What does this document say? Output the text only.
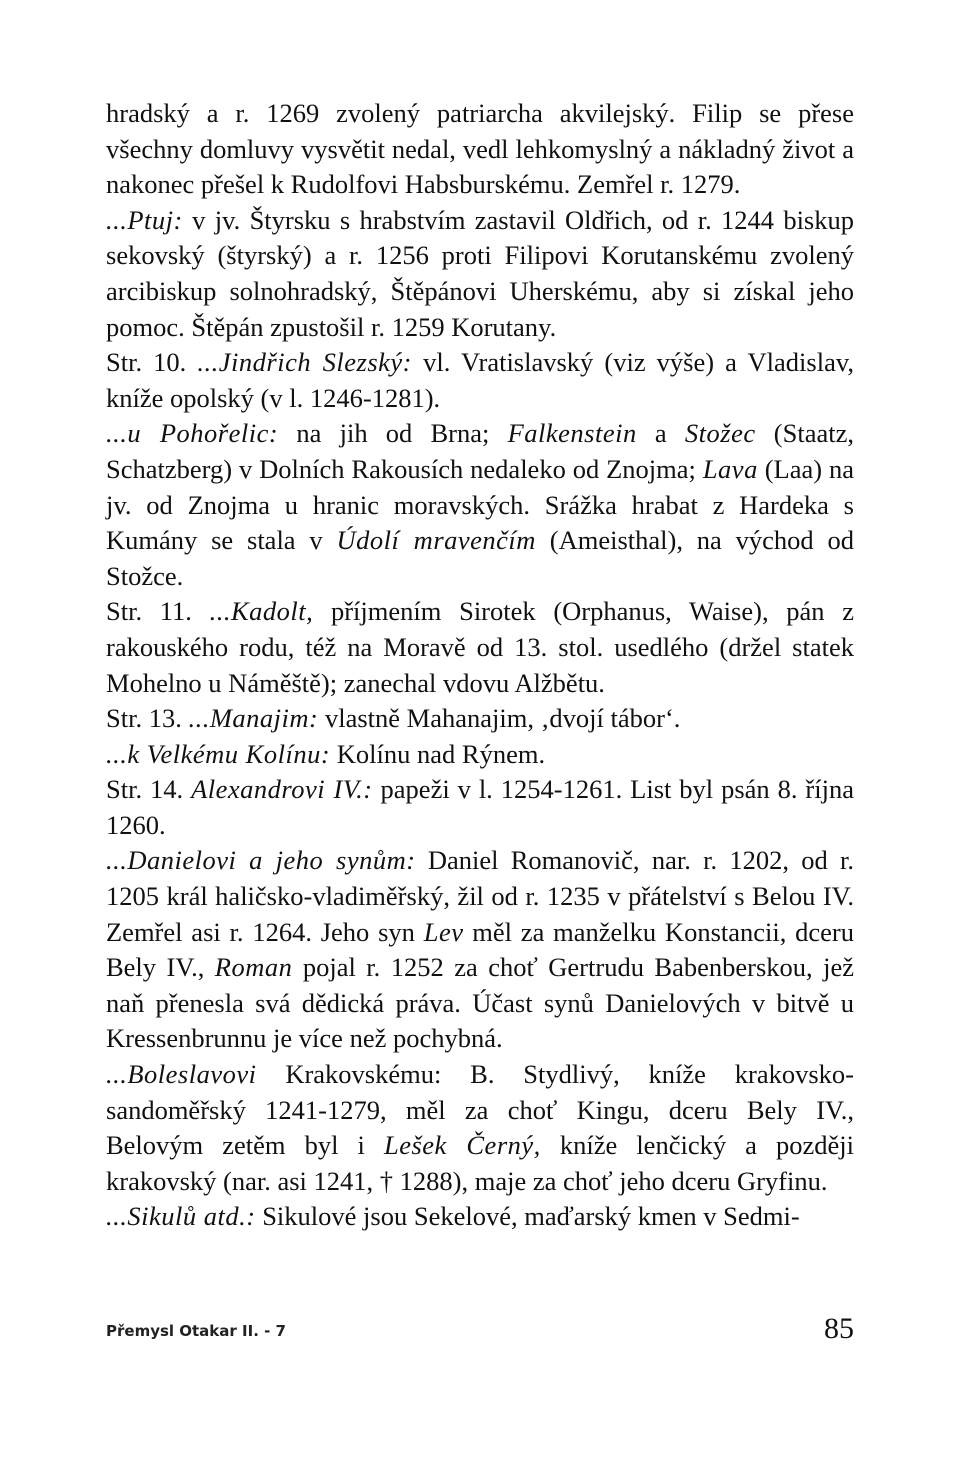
hradský a r. 1269 zvolený patriarcha akvilejský. Filip se přese všechny domluvy vysvětit nedal, vedl lehkomyslný a nákladný život a nakonec přešel k Rudolfovi Habsburskému. Zemřel r. 1279.

...Ptuj: v jv. Štyrsku s hrabstvím zastavil Oldřich, od r. 1244 biskup sekovský (štyrský) a r. 1256 proti Filipovi Korutanskému zvolený arcibiskup solnohradský, Štěpánovi Uherskému, aby si získal jeho pomoc. Štěpán zpustošil r. 1259 Korutany.

Str. 10. ...Jindřich Slezský: vl. Vratislavský (viz výše) a Vladislav, kníže opolský (v l. 1246-1281).

...u Pohořelic: na jih od Brna; Falkenstein a Stožec (Staatz, Schatzberg) v Dolních Rakousích nedaleko od Znojma; Lava (Laa) na jv. od Znojma u hranic moravských. Srážka hrabat z Hardeka s Kumány se stala v Údolí mravenčím (Ameisthal), na východ od Stožce.

Str. 11. ...Kadolt, příjmením Sirotek (Orphanus, Waise), pán z rakouského rodu, též na Moravě od 13. stol. usedlého (držel statek Mohelno u Náměště); zanechal vdovu Alžbětu.

Str. 13. ...Manajim: vlastně Mahanajim, ‚dvojí tábor‘.

...k Velkému Kolínu: Kolínu nad Rýnem.

Str. 14. Alexandrovi IV.: papeži v l. 1254-1261. List byl psán 8. října 1260.

...Danielovi a jeho synům: Daniel Romanovič, nar. r. 1202, od r. 1205 král haličsko-vladiměřský, žil od r. 1235 v přátelství s Belou IV. Zemřel asi r. 1264. Jeho syn Lev měl za manželku Konstancii, dceru Bely IV., Roman pojal r. 1252 za choť Gertrudu Babenberskou, jež naň přenesla svá dědická práva. Účast synů Danielových v bitvě u Kressenbrunnu je více než pochybná.

...Boleslavovi Krakovskému: B. Stydlivý, kníže krakovsko-sandoměřský 1241-1279, měl za choť Kingu, dceru Bely IV., Belovým zetěm byl i Lešek Černý, kníže lenčický a později krakovský (nar. asi 1241, † 1288), maje za choť jeho dceru Gryfinu.

...Sikulů atd.: Sikulové jsou Sekelové, maďarský kmen v Sedmi-

Přemysl Otakar II. - 7	85
